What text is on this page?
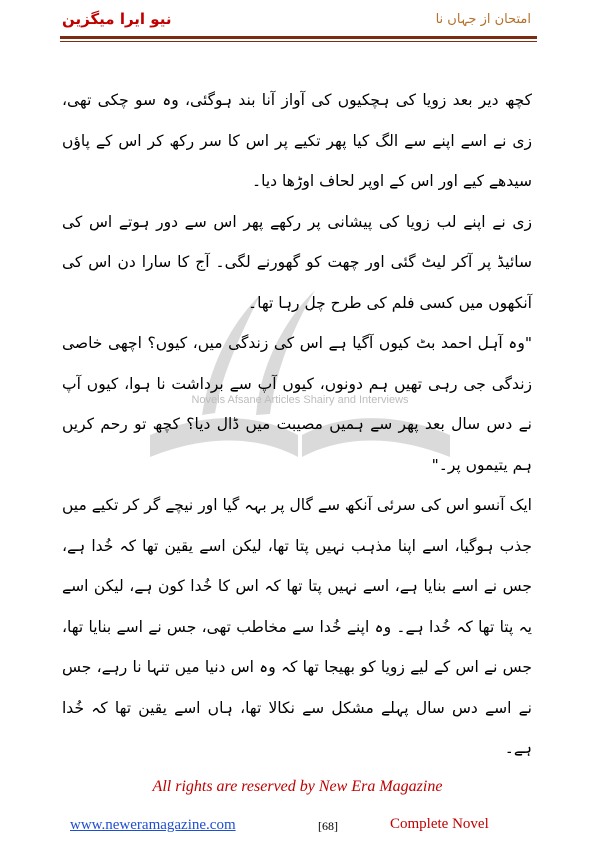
نیو ایرا میگزین	امتحان از جہاں نا
Novels Afsane Articles Shairy and Interviews

کچھ دیر بعد زویا کی ہچکیوں کی آواز آنا بند ہوگئی، وہ سو چکی تھی، زی نے اسے اپنے سے الگ کیا پھر تکیے پر اس کا سر رکھ کر اس کے پاؤں سیدھے کیے اور اس کے اوپر لحاف اوڑھا دیا۔

زی نے اپنے لب زویا کی پیشانی پر رکھے پھر اس سے دور ہوتے اس کی سائیڈ پر آکر لیٹ گئی اور چھت کو گھورنے لگی۔ آج کا سارا دن اس کی آنکھوں میں کسی فلم کی طرح چل رہا تھا۔

"وہ آہل احمد بٹ کیوں آگیا ہے اس کی زندگی میں، کیوں؟ اچھی خاصی زندگی جی رہی تھیں ہم دونوں، کیوں آپ سے برداشت نا ہوا، کیوں آپ نے دس سال بعد پھر سے ہمیں مصیبت میں ڈال دیا؟ کچھ تو رحم کریں ہم یتیموں پر۔"

ایک آنسو اس کی سرئی آنکھ سے گال پر بہہ گیا اور نیچے گر کر تکیے میں جذب ہوگیا، اسے اپنا مذہب نہیں پتا تھا، لیکن اسے یقین تھا کہ خُدا ہے، جس نے اسے بنایا ہے، اسے نہیں پتا تھا کہ اس کا خُدا کون ہے، لیکن اسے یہ پتا تھا کہ خُدا ہے۔ وہ اپنے خُدا سے مخاطب تھی، جس نے اسے بنایا تھا، جس نے اس کے لیے زویا کو بھیجا تھا کہ وہ اس دنیا میں تنہا نا رہے، جس نے اسے دس سال پہلے مشکل سے نکالا تھا، ہاں اسے یقین تھا کہ خُدا ہے۔

All rights are reserved by New Era Magazine
www.neweramagazine.com	[68]	Complete Novel
